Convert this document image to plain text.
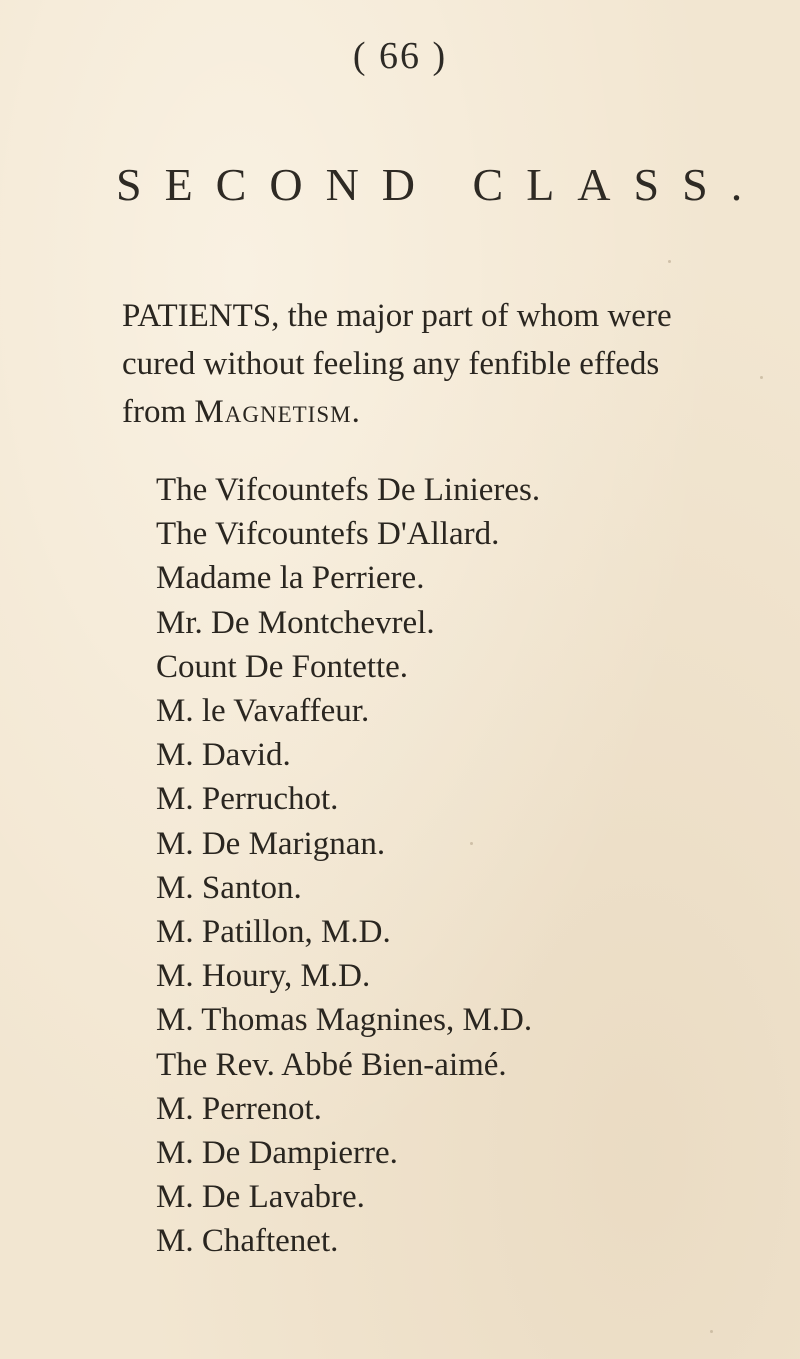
( 66 )
SECOND CLASS.
PATIENTS, the major part of whom were
cured without feeling any fenfible effeds
from Magnetism.
The Vifcountefs De Linieres.
The Vifcountefs D'Allard.
Madame la Perriere.
Mr. De Montchevrel.
Count De Fontette.
M. le Vavaffeur.
M. David.
M. Perruchot.
M. De Marignan.
M. Santon.
M. Patillon, M.D.
M. Houry, M.D.
M. Thomas Magnines, M.D.
The Rev. Abbé Bien-aimé.
M. Perrenot.
M. De Dampierre.
M. De Lavabre.
M. Chaftenet.
